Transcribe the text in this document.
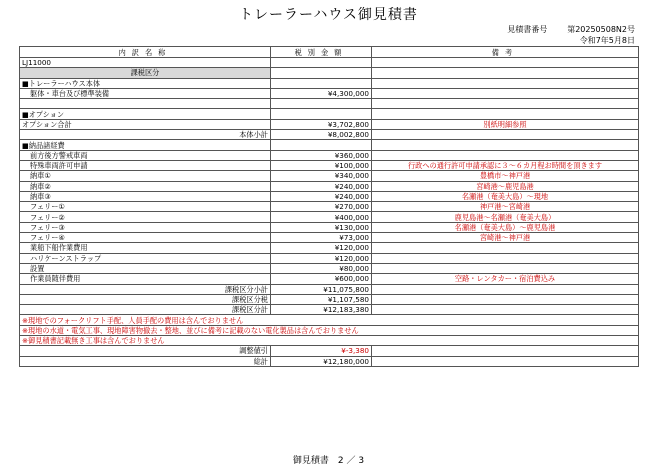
トレーラーハウス御見積書
見積書番号	第20250508N2号
令和7年5月8日
内訳名称	税別金額	備考
LJ11000		
課税区分		
■トレーラーハウス本体		
躯体・車台及び標準装備	¥4,300,000	

■オプション		
オプション合計	¥3,702,800	別紙明細参照
本体小計	¥8,002,800	
■納品諸経費		
前方後方警戒車両	¥360,000	
特殊車両許可申請	¥100,000	行政への通行許可申請承認に３～６カ月程お時間を頂きます
納車①	¥340,000	豊橋市～神戸港
納車②	¥240,000	宮崎港～鹿児島港
納車③	¥240,000	名瀬港（奄美大島）～現地
フェリー①	¥270,000	神戸港～宮崎港
フェリー②	¥400,000	鹿児島港～名瀬港（奄美大島）
フェリー③	¥130,000	名瀬港（奄美大島）～鹿児島港
フェリー④	¥73,000	宮崎港～神戸港
業船下船作業費用	¥120,000	
ハリケーンストラップ	¥120,000	
設置	¥80,000	
作業員随伴費用	¥600,000	空路・レンタカー・宿泊費込み
課税区分小計	¥11,075,800	
課税区分税	¥1,107,580	
課税区分計	¥12,183,380	
※現地でのフォークリフト手配、人員手配の費用は含んでおりません		
※現地の水道・電気工事、現地障害物撤去・整地、並びに備考に記載のない電化製品は含んでおりません		
※御見積書記載無き工事は含んでおりません		
調整値引	¥-3,380	
総計	¥12,180,000	
御見積書　2 ／ 3
